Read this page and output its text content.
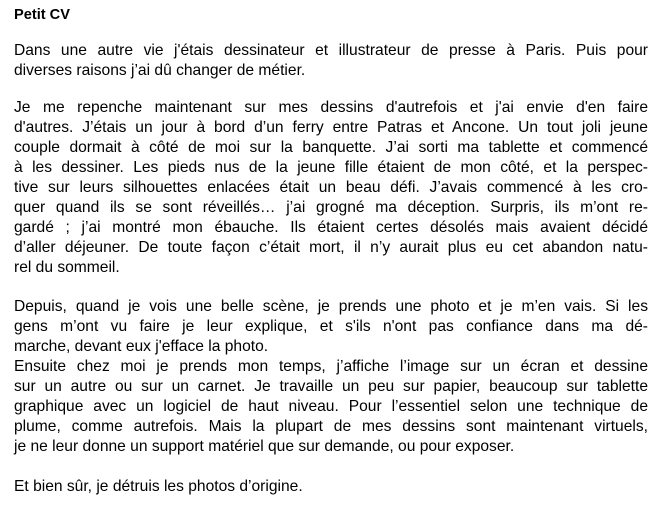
Petit CV
Dans une autre vie j'étais dessinateur et illustrateur de presse à Paris. Puis pour
diverses raisons j’ai dû changer de métier.
Je me repenche maintenant sur mes dessins d'autrefois et j'ai envie d'en faire
d'autres. J’étais un jour à bord d’un ferry entre Patras et Ancone. Un tout joli jeune
couple dormait à côté de moi sur la banquette. J’ai sorti ma tablette et commencé
à les dessiner. Les pieds nus de la jeune fille étaient de mon côté, et la perspec-
tive sur leurs silhouettes enlacées était un beau défi. J’avais commencé à les cro-
quer quand ils se sont réveillés… j’ai grogné ma déception. Surpris, ils m’ont re-
gardé ; j’ai montré mon ébauche. Ils étaient certes désolés mais avaient décidé
d’aller déjeuner. De toute façon c’était mort, il n’y aurait plus eu cet abandon natu-
rel du sommeil.
Depuis, quand je vois une belle scène, je prends une photo et je m’en vais. Si les
gens m’ont vu faire je leur explique, et s'ils n'ont pas confiance dans ma dé-
marche, devant eux j'efface la photo.
Ensuite chez moi je prends mon temps, j’affiche l’image sur un écran et dessine
sur un autre ou sur un carnet. Je travaille un peu sur papier, beaucoup sur tablette
graphique avec un logiciel de haut niveau. Pour l’essentiel selon une technique de
plume, comme autrefois. Mais la plupart de mes dessins sont maintenant virtuels,
je ne leur donne un support matériel que sur demande, ou pour exposer.
Et bien sûr, je détruis les photos d’origine.
